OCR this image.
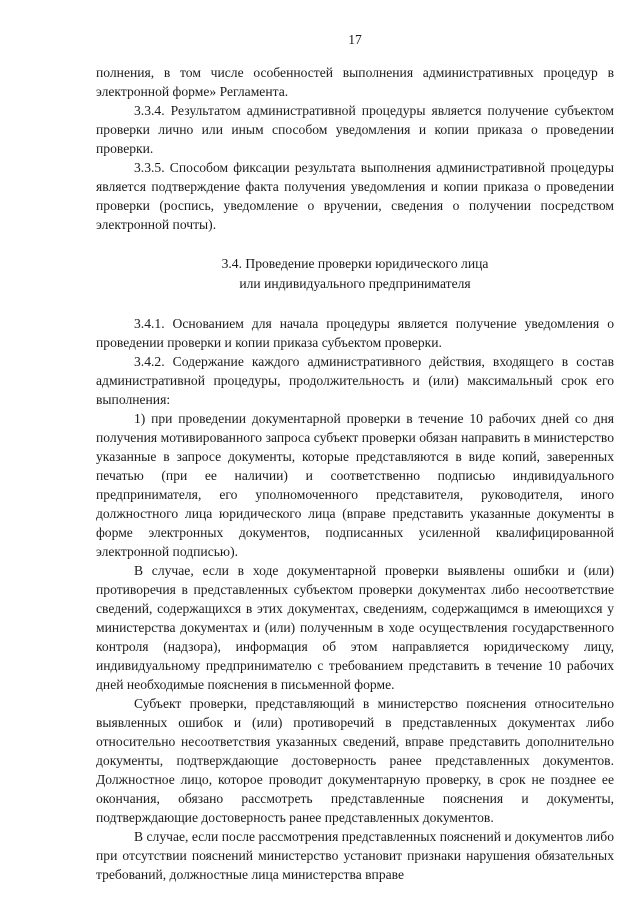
17

полнения, в том числе особенностей выполнения административных процедур в электронной форме» Регламента.

3.3.4. Результатом административной процедуры является получение субъектом проверки лично или иным способом уведомления и копии приказа о проведении проверки.

3.3.5. Способом фиксации результата выполнения административной процедуры является подтверждение факта получения уведомления и копии приказа о проведении проверки (роспись, уведомление о вручении, сведения о получении посредством электронной почты).

3.4. Проведение проверки юридического лица
или индивидуального предпринимателя

3.4.1. Основанием для начала процедуры является получение уведомления о проведении проверки и копии приказа субъектом проверки.

3.4.2. Содержание каждого административного действия, входящего в состав административной процедуры, продолжительность и (или) максимальный срок его выполнения:

1) при проведении документарной проверки в течение 10 рабочих дней со дня получения мотивированного запроса субъект проверки обязан направить в министерство указанные в запросе документы, которые представляются в виде копий, заверенных печатью (при ее наличии) и соответственно подписью индивидуального предпринимателя, его уполномоченного представителя, руководителя, иного должностного лица юридического лица (вправе представить указанные документы в форме электронных документов, подписанных усиленной квалифицированной электронной подписью).

В случае, если в ходе документарной проверки выявлены ошибки и (или) противоречия в представленных субъектом проверки документах либо несоответствие сведений, содержащихся в этих документах, сведениям, содержащимся в имеющихся у министерства документах и (или) полученным в ходе осуществления государственного контроля (надзора), информация об этом направляется юридическому лицу, индивидуальному предпринимателю с требованием представить в течение 10 рабочих дней необходимые пояснения в письменной форме.

Субъект проверки, представляющий в министерство пояснения относительно выявленных ошибок и (или) противоречий в представленных документах либо относительно несоответствия указанных сведений, вправе представить дополнительно документы, подтверждающие достоверность ранее представленных документов. Должностное лицо, которое проводит документарную проверку, в срок не позднее ее окончания, обязано рассмотреть представленные пояснения и документы, подтверждающие достоверность ранее представленных документов.

В случае, если после рассмотрения представленных пояснений и документов либо при отсутствии пояснений министерство установит признаки нарушения обязательных требований, должностные лица министерства вправе
